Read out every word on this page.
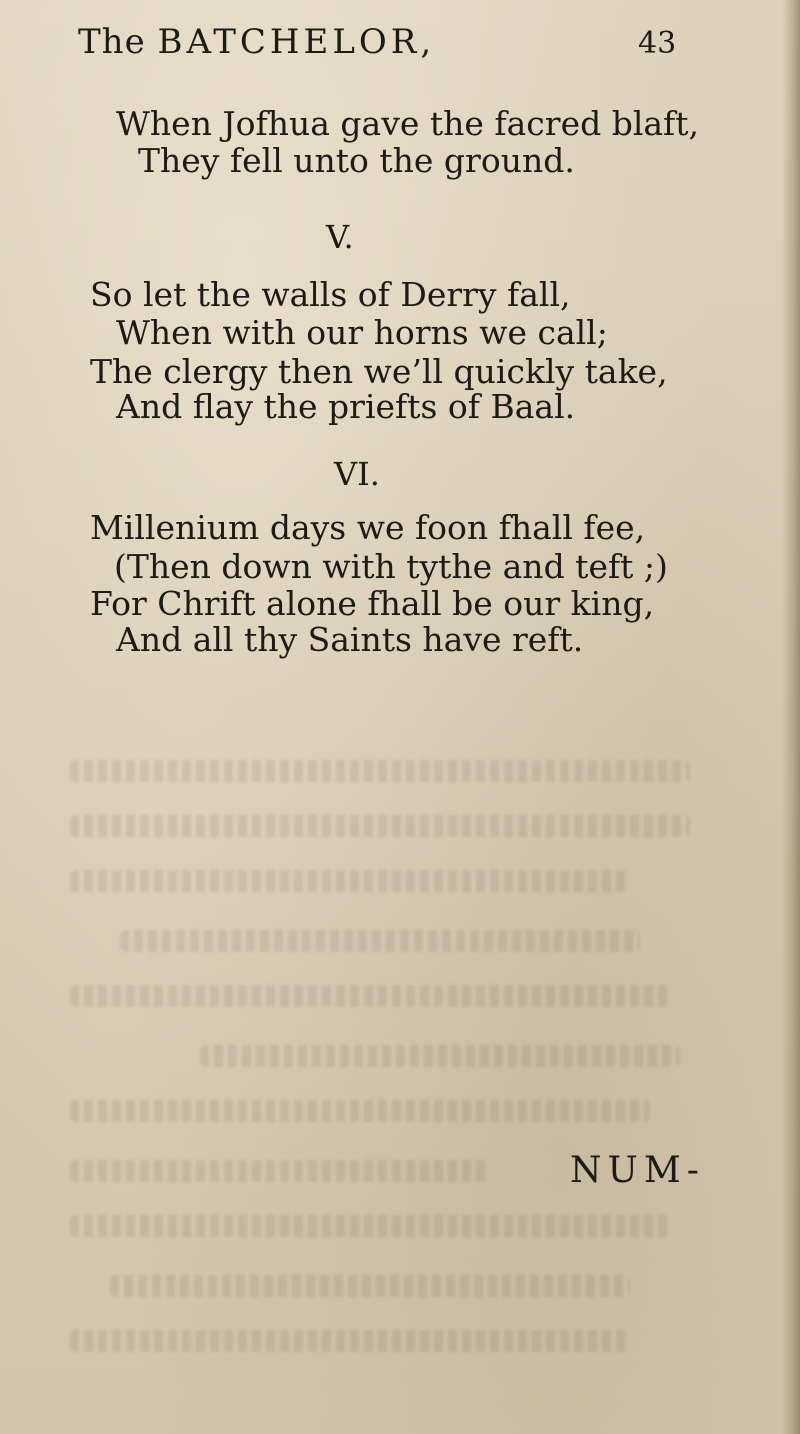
The BATCHELOR,	43
When Jofhua gave the facred blaft,
They fell unto the ground.
V.
So let the walls of Derry fall,
When with our horns we call;
The clergy then we’ll quickly take,
And flay the priefts of Baal.
VI.
Millenium days we foon fhall fee,
(Then down with tythe and teft ;)
For Chrift alone fhall be our king,
And all thy Saints have reft.
NUM-
